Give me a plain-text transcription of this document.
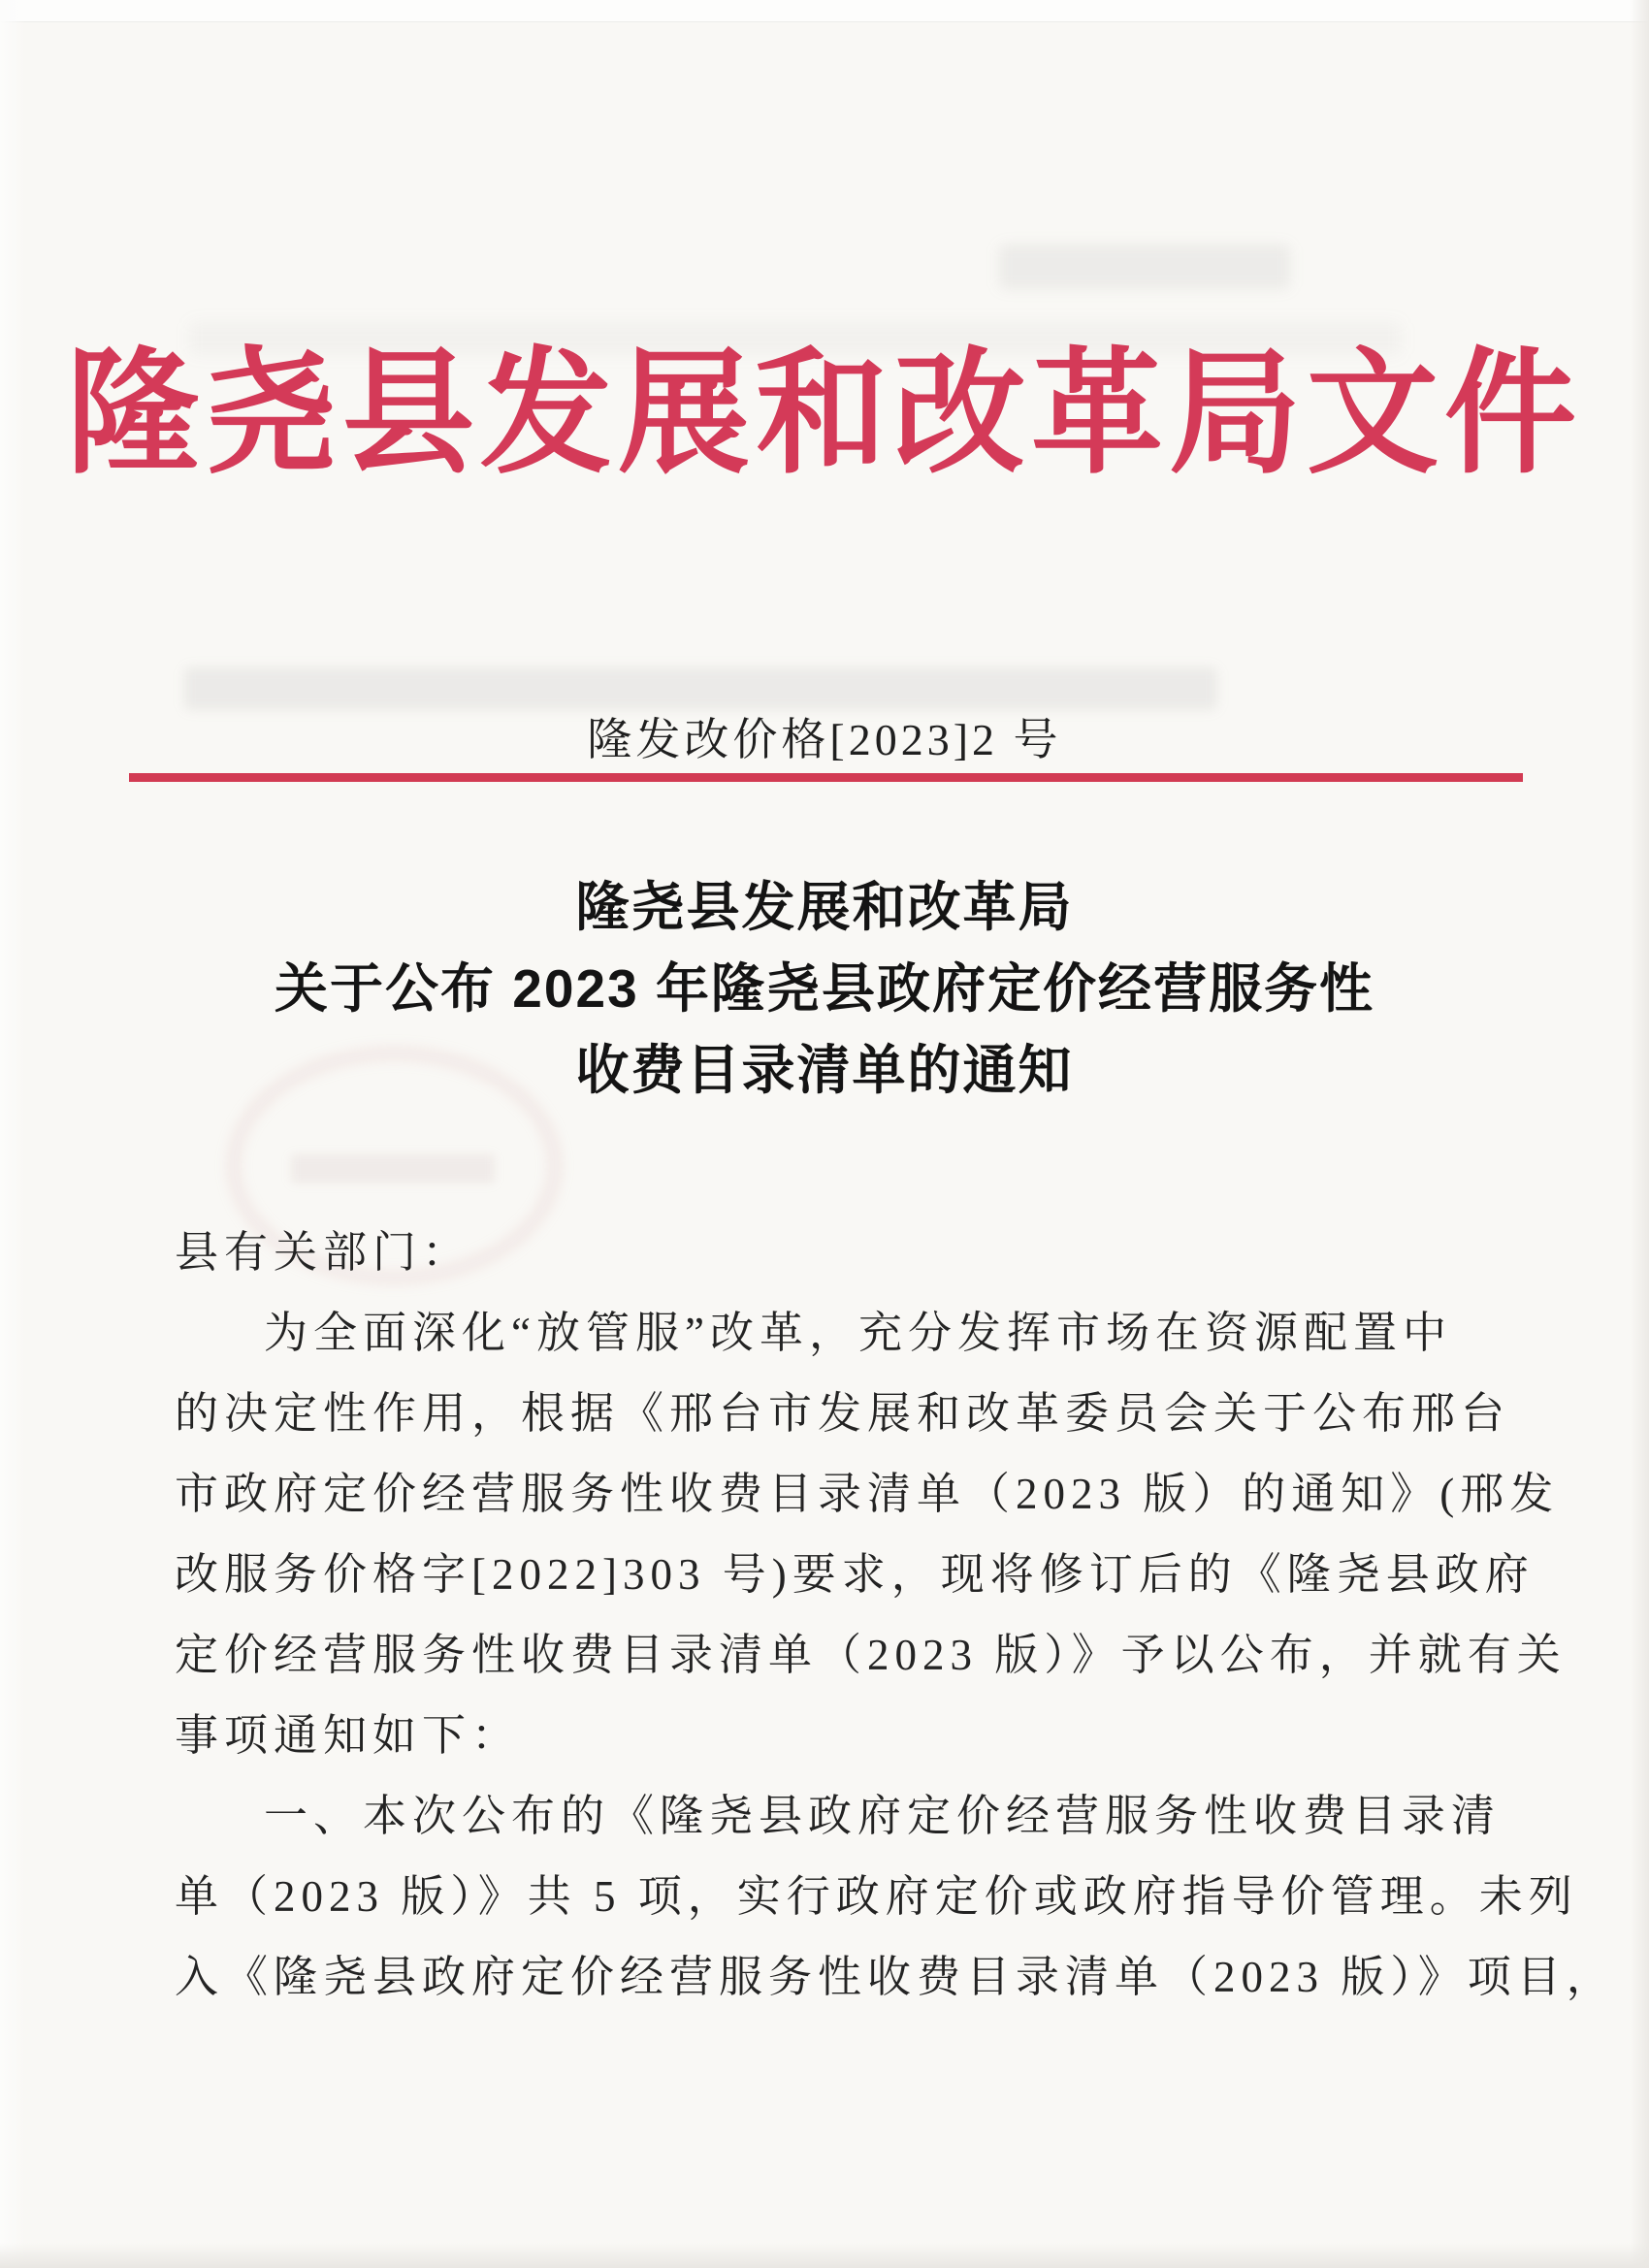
隆尧县发展和改革局文件
隆发改价格[2023]2 号
隆尧县发展和改革局
关于公布 2023 年隆尧县政府定价经营服务性
收费目录清单的通知
县有关部门：
为全面深化“放管服”改革，充分发挥市场在资源配置中
的决定性作用，根据《邢台市发展和改革委员会关于公布邢台
市政府定价经营服务性收费目录清单（2023 版）的通知》(邢发
改服务价格字[2022]303 号)要求，现将修订后的《隆尧县政府
定价经营服务性收费目录清单（2023 版）》予以公布，并就有关
事项通知如下：
一、本次公布的《隆尧县政府定价经营服务性收费目录清
单（2023 版）》共 5 项，实行政府定价或政府指导价管理。未列
入《隆尧县政府定价经营服务性收费目录清单（2023 版）》项目，
